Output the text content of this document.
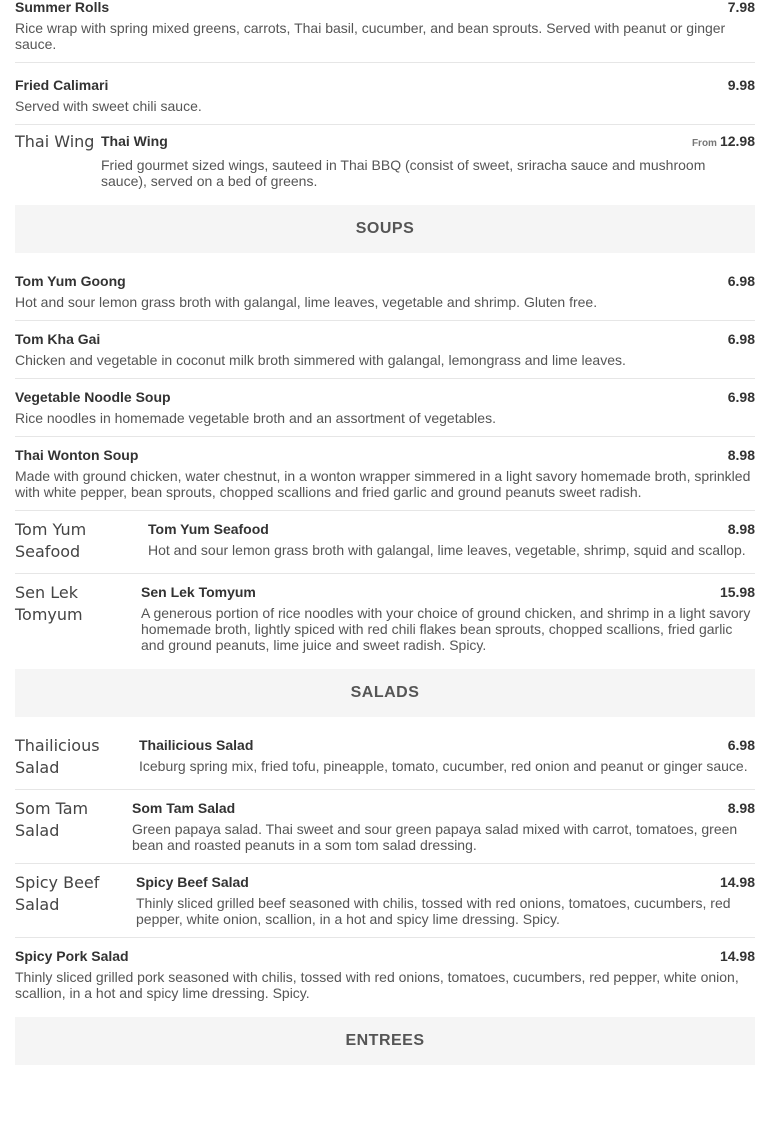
Summer Rolls	7.98
Rice wrap with spring mixed greens, carrots, Thai basil, cucumber, and bean sprouts. Served with peanut or ginger sauce.
Fried Calimari	9.98
Served with sweet chili sauce.
Thai Wing Thai Wing	From 12.98
Fried gourmet sized wings, sauteed in Thai BBQ (consist of sweet, sriracha sauce and mushroom sauce), served on a bed of greens.
SOUPS
Tom Yum Goong	6.98
Hot and sour lemon grass broth with galangal, lime leaves, vegetable and shrimp. Gluten free.
Tom Kha Gai	6.98
Chicken and vegetable in coconut milk broth simmered with galangal, lemongrass and lime leaves.
Vegetable Noodle Soup	6.98
Rice noodles in homemade vegetable broth and an assortment of vegetables.
Thai Wonton Soup	8.98
Made with ground chicken, water chestnut, in a wonton wrapper simmered in a light savory homemade broth, sprinkled with white pepper, bean sprouts, chopped scallions and fried garlic and ground peanuts sweet radish.
Tom Yum Seafood
Tom Yum Seafood	8.98
Hot and sour lemon grass broth with galangal, lime leaves, vegetable, shrimp, squid and scallop.
Sen Lek Tomyum
Sen Lek Tomyum	15.98
A generous portion of rice noodles with your choice of ground chicken, and shrimp in a light savory homemade broth, lightly spiced with red chili flakes bean sprouts, chopped scallions, fried garlic and ground peanuts, lime juice and sweet radish. Spicy.
SALADS
Thailicious Salad
Thailicious Salad	6.98
Iceburg spring mix, fried tofu, pineapple, tomato, cucumber, red onion and peanut or ginger sauce.
Som Tam Salad
Som Tam Salad	8.98
Green papaya salad. Thai sweet and sour green papaya salad mixed with carrot, tomatoes, green bean and roasted peanuts in a som tom salad dressing.
Spicy Beef Salad
Spicy Beef Salad	14.98
Thinly sliced grilled beef seasoned with chilis, tossed with red onions, tomatoes, cucumbers, red pepper, white onion, scallion, in a hot and spicy lime dressing. Spicy.
Spicy Pork Salad	14.98
Thinly sliced grilled pork seasoned with chilis, tossed with red onions, tomatoes, cucumbers, red pepper, white onion, scallion, in a hot and spicy lime dressing. Spicy.
ENTREES
